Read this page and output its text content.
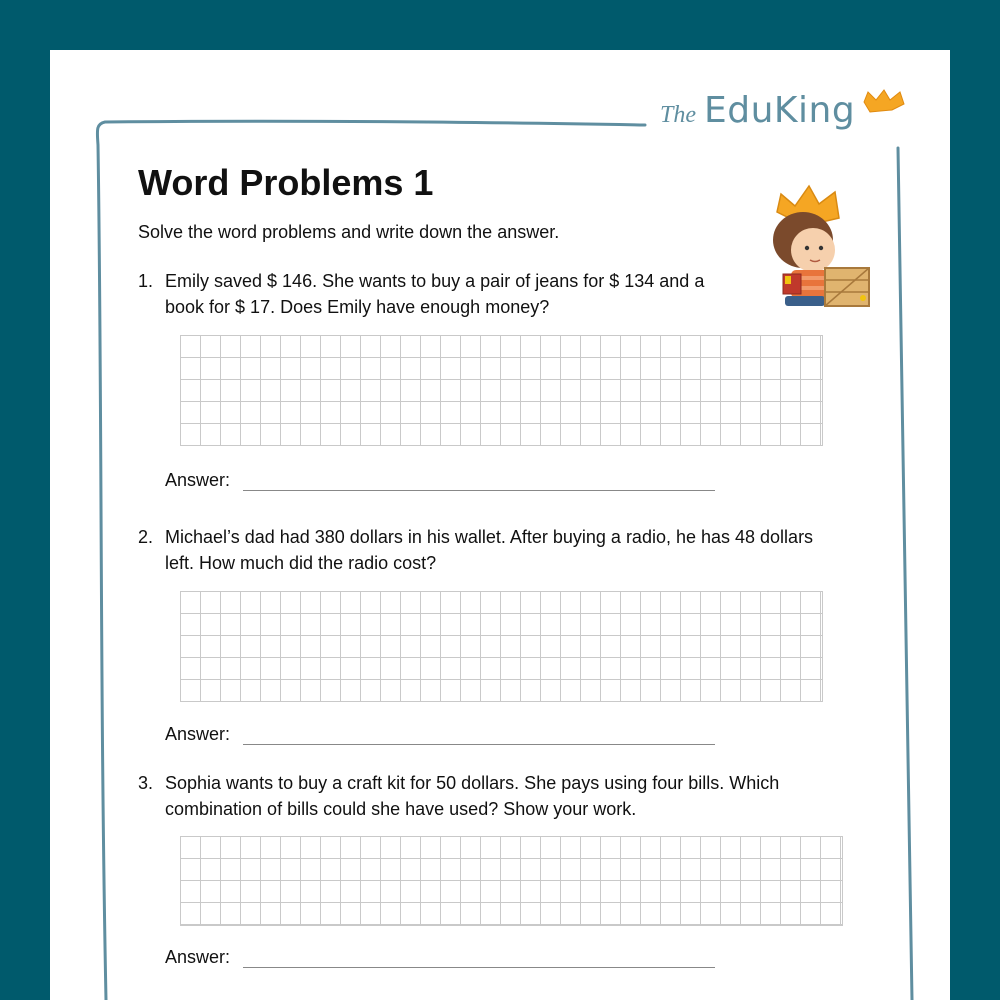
The EduKing
Word Problems 1
Solve the word problems and write down the answer.
1. Emily saved $ 146. She wants to buy a pair of jeans for $ 134 and a
book for $ 17. Does Emily have enough money?
Answer:
2. Michael’s dad had 380 dollars in his wallet. After buying a radio, he has 48 dollars
left. How much did the radio cost?
Answer:
3. Sophia wants to buy a craft kit for 50 dollars. She pays using four bills. Which
combination of bills could she have used? Show your work.
Answer:
